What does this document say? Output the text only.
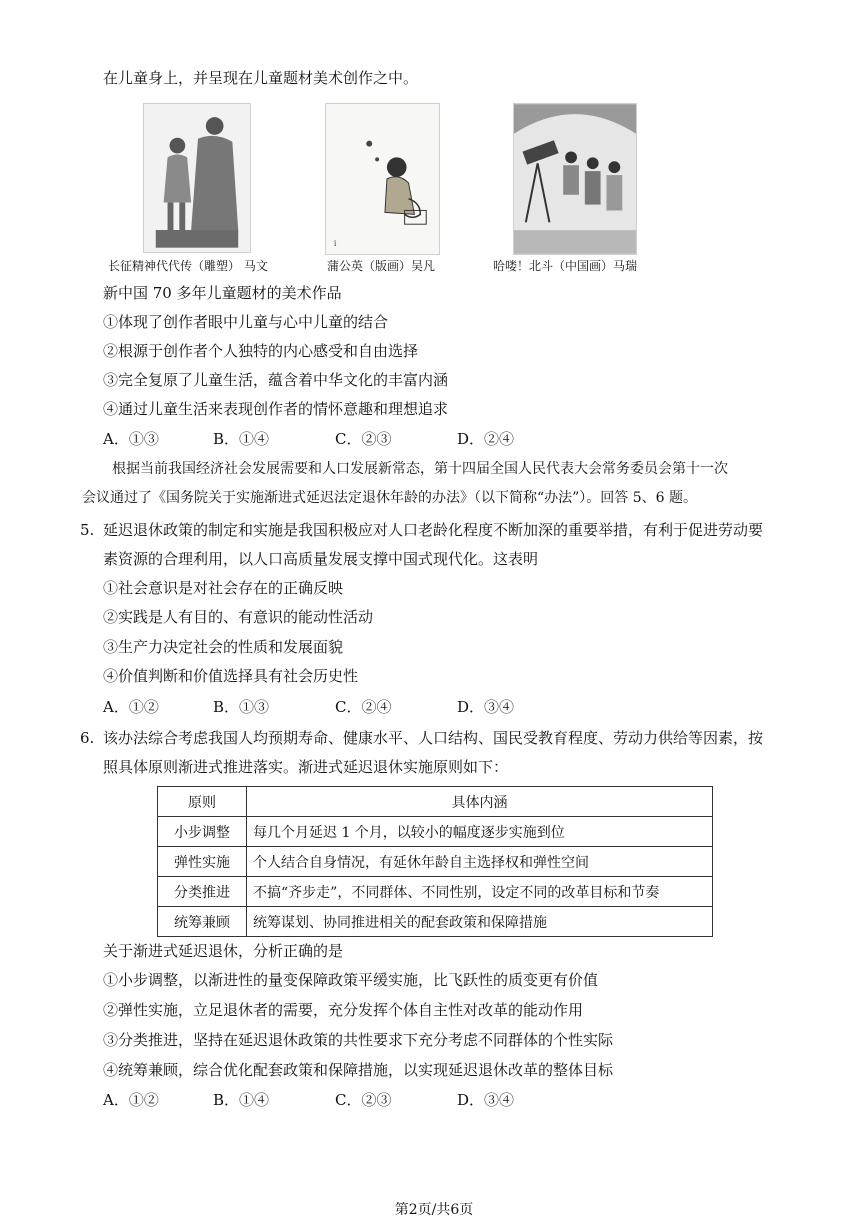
在儿童身上，并呈现在儿童题材美术创作之中。
ⅰ
长征精神代代传（雕塑） 马文	蒲公英（版画）吴凡	哈喽！北斗（中国画）马瑞
新中国 70 多年儿童题材的美术作品
①体现了创作者眼中儿童与心中儿童的结合
②根源于创作者个人独特的内心感受和自由选择
③完全复原了儿童生活，蕴含着中华文化的丰富内涵
④通过儿童生活来表现创作者的情怀意趣和理想追求
A．①③	B．①④	C．②③	D．②④
根据当前我国经济社会发展需要和人口发展新常态，第十四届全国人民代表大会常务委员会第十一次
会议通过了《国务院关于实施渐进式延迟法定退休年龄的办法》（以下简称“办法”）。回答 5、6 题。
5. 延迟退休政策的制定和实施是我国积极应对人口老龄化程度不断加深的重要举措，有利于促进劳动要
素资源的合理利用，以人口高质量发展支撑中国式现代化。这表明
①社会意识是对社会存在的正确反映
②实践是人有目的、有意识的能动性活动
③生产力决定社会的性质和发展面貌
④价值判断和价值选择具有社会历史性
A．①②	B．①③	C．②④	D．③④
6. 该办法综合考虑我国人均预期寿命、健康水平、人口结构、国民受教育程度、劳动力供给等因素，按
照具体原则渐进式推进落实。渐进式延迟退休实施原则如下：
原则	具体内涵
小步调整	每几个月延迟 1 个月，以较小的幅度逐步实施到位
弹性实施	个人结合自身情况，有延休年龄自主选择权和弹性空间
分类推进	不搞“齐步走”，不同群体、不同性别，设定不同的改革目标和节奏
统筹兼顾	统筹谋划、协同推进相关的配套政策和保障措施
关于渐进式延迟退休，分析正确的是
①小步调整，以渐进性的量变保障政策平缓实施，比飞跃性的质变更有价值
②弹性实施，立足退休者的需要，充分发挥个体自主性对改革的能动作用
③分类推进，坚持在延迟退休政策的共性要求下充分考虑不同群体的个性实际
④统筹兼顾，综合优化配套政策和保障措施，以实现延迟退休改革的整体目标
A．①②	B．①④	C．②③	D．③④
第2页/共6页
